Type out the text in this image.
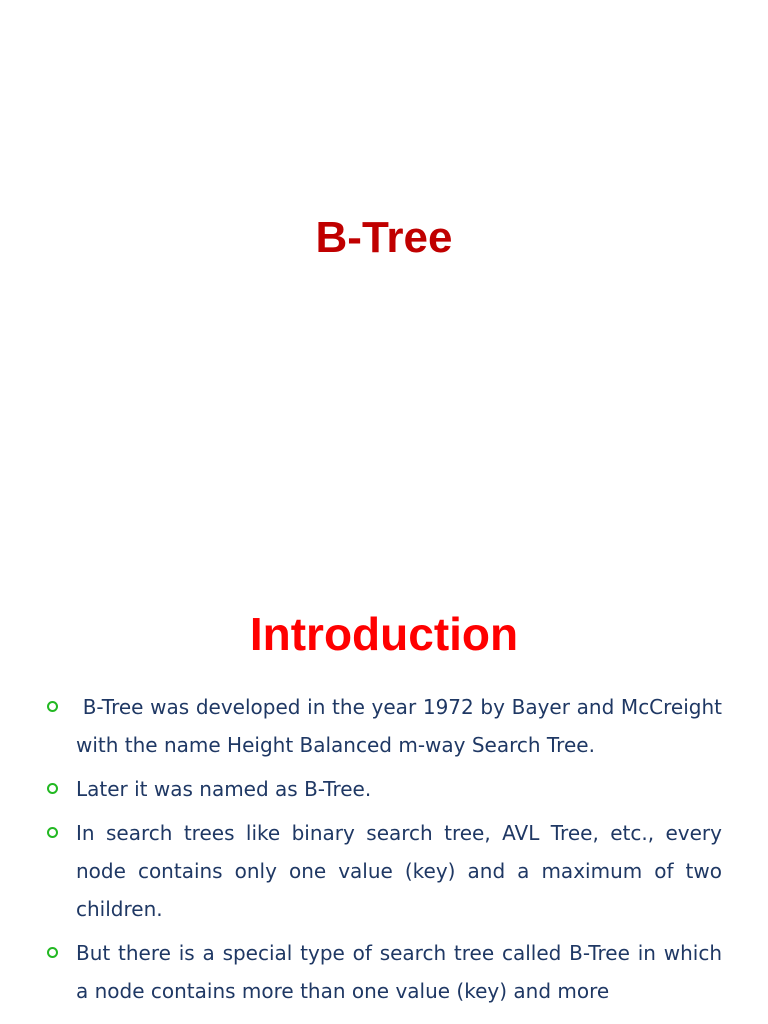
B-Tree
Introduction
B-Tree was developed in the year 1972 by Bayer and McCreight with the name Height Balanced m-way Search Tree.
Later it was named as B-Tree.
In search trees like binary search tree, AVL Tree, etc., every node contains only one value (key) and a maximum of two children.
But there is a special type of search tree called B-Tree in which a node contains more than one value (key) and more
